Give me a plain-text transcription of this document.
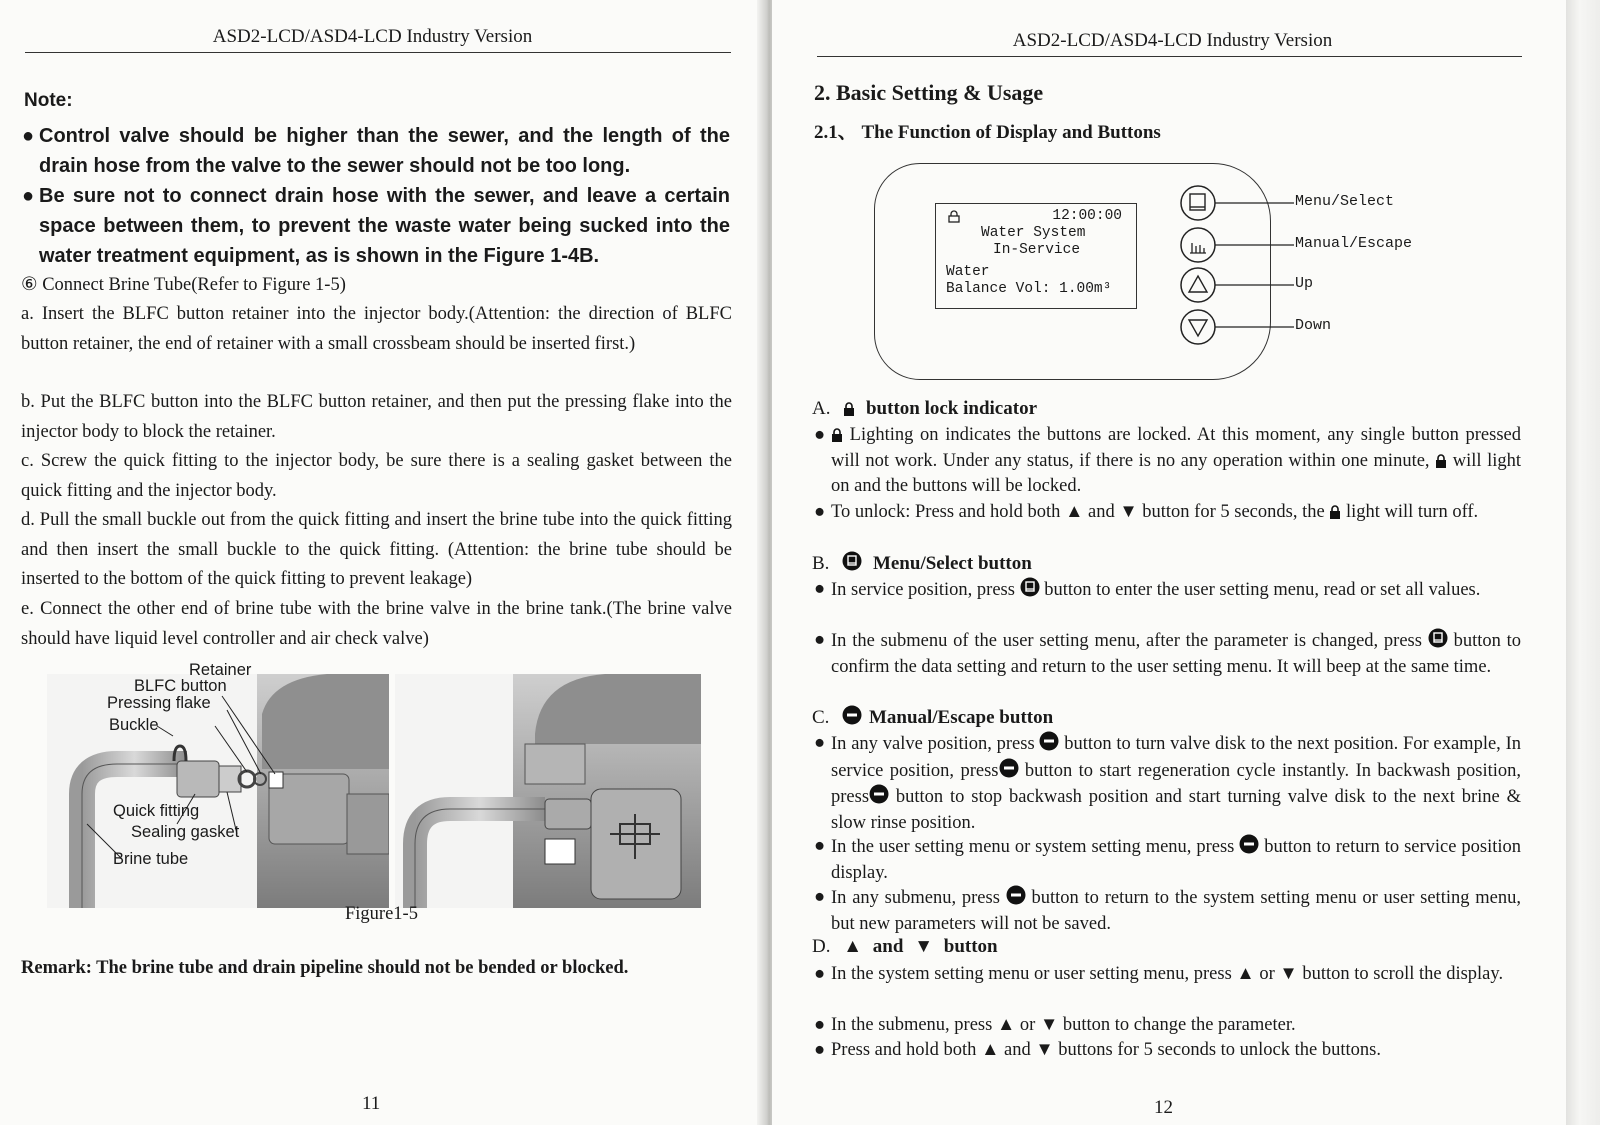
ASD2-LCD/ASD4-LCD Industry Version
Note:

● Control valve should be higher than the sewer, and the length of the drain hose from the valve to the sewer should not be too long.

● Be sure not to connect drain hose with the sewer, and leave a certain space between them, to prevent the waste water being sucked into the water treatment equipment, as is shown in the Figure 1-4B.

⑥ Connect Brine Tube(Refer to Figure 1-5)

a. Insert the BLFC button retainer into the injector body.(Attention: the direction of BLFC button retainer, the end of retainer with a small crossbeam should be inserted first.)

b. Put the BLFC button into the BLFC button retainer, and then put the pressing flake into the injector body to block the retainer.

c. Screw the quick fitting to the injector body, be sure there is a sealing gasket between the quick fitting and the injector body.

d. Pull the small buckle out from the quick fitting and insert the brine tube into the quick fitting and then insert the small buckle to the quick fitting. (Attention: the brine tube should be inserted to the bottom of the quick fitting to prevent leakage)

e. Connect the other end of brine tube with the brine valve in the brine tank.(The brine valve should have liquid level controller and air check valve)

Retainer
BLFC button
Pressing flake
Buckle
Quick fitting
Sealing gasket
Brine tube
Figure1-5
Remark: The brine tube and drain pipeline should not be bended or blocked.
11
ASD2-LCD/ASD4-LCD Industry Version
2. Basic Setting & Usage
2.1、 The Function of Display and Buttons
12:00:00
Water System
In-Service
Water
Balance Vol: 1.00m³
Menu/Select
Manual/Escape
Up
Down
A. button lock indicator

● Lighting on indicates the buttons are locked. At this moment, any single button pressed will not work. Under any status, if there is no any operation within one minute, will light on and the buttons will be locked.

● To unlock: Press and hold both ▲ and ▼ button for 5 seconds, the light will turn off.

B. Menu/Select button

● In service position, press button to enter the user setting menu, read or set all values.

● In the submenu of the user setting menu, after the parameter is changed, press button to confirm the data setting and return to the user setting menu. It will beep at the same time.

C. Manual/Escape button

● In any valve position, press button to turn valve disk to the next position. For example, In service position, press button to start regeneration cycle instantly. In backwash position, press button to stop backwash position and start turning valve disk to the next brine & slow rinse position.

● In the user setting menu or system setting menu, press button to return to service position display.

● In any submenu, press button to return to the system setting menu or user setting menu, but new parameters will not be saved.

D. ▲ and ▼ button

● In the system setting menu or user setting menu, press ▲ or ▼ button to scroll the display.

● In the submenu, press ▲ or ▼ button to change the parameter.

● Press and hold both ▲ and ▼ buttons for 5 seconds to unlock the buttons.

12
